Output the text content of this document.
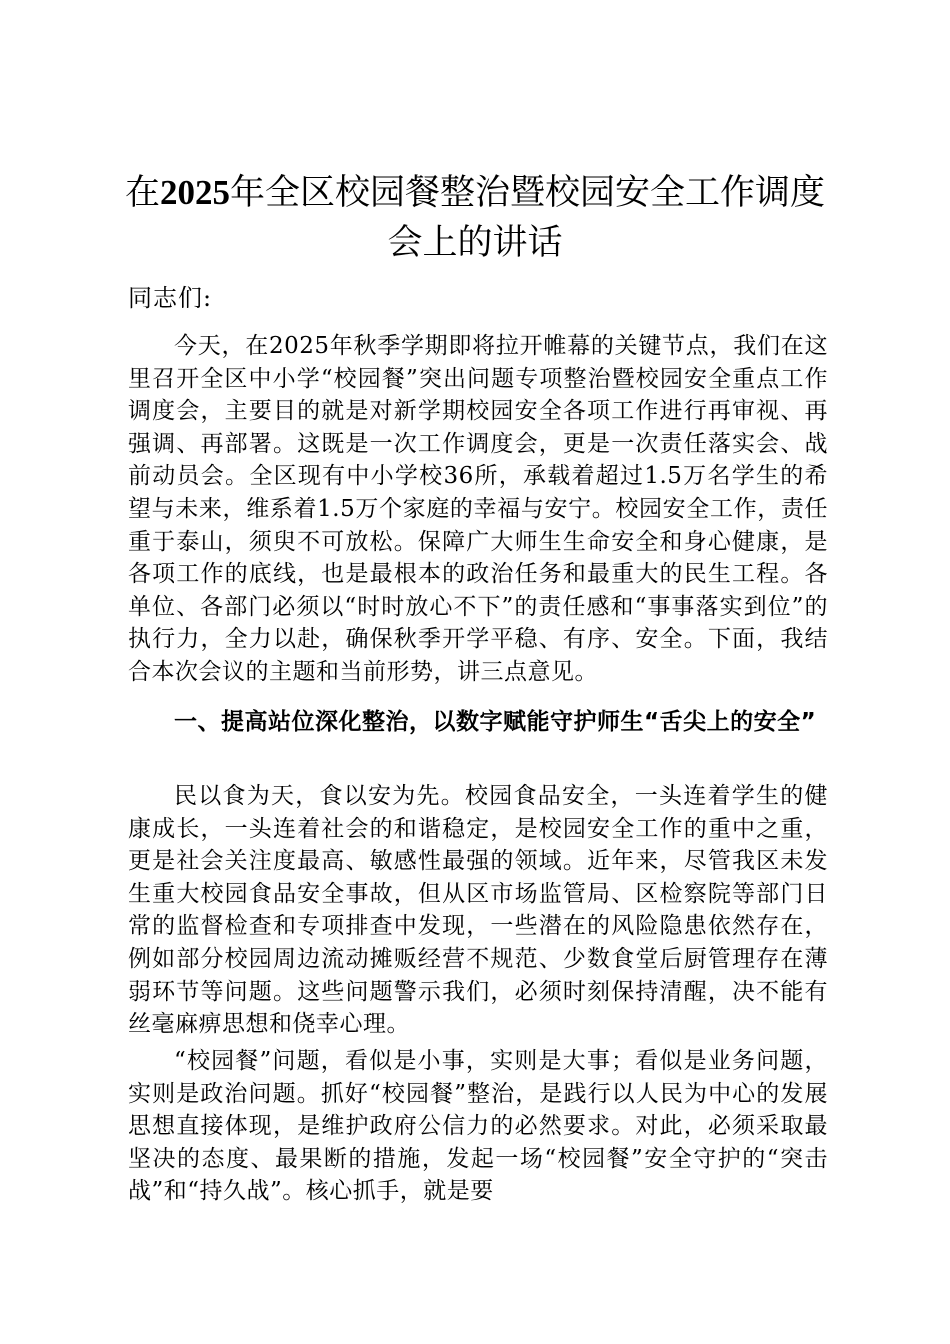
在2025年全区校园餐整治暨校园安全工作调度会上的讲话

同志们:

今天，在2025年秋季学期即将拉开帷幕的关键节点，我们在这里召开全区中小学“校园餐”突出问题专项整治暨校园安全重点工作调度会，主要目的就是对新学期校园安全各项工作进行再审视、再强调、再部署。这既是一次工作调度会，更是一次责任落实会、战前动员会。全区现有中小学校36所，承载着超过1.5万名学生的希望与未来，维系着1.5万个家庭的幸福与安宁。校园安全工作，责任重于泰山，须臾不可放松。保障广大师生生命安全和身心健康，是各项工作的底线，也是最根本的政治任务和最重大的民生工程。各单位、各部门必须以“时时放心不下”的责任感和“事事落实到位”的执行力，全力以赴，确保秋季开学平稳、有序、安全。下面，我结合本次会议的主题和当前形势，讲三点意见。

一、提高站位深化整治，以数字赋能守护师生“舌尖上的安全”

民以食为天，食以安为先。校园食品安全，一头连着学生的健康成长，一头连着社会的和谐稳定，是校园安全工作的重中之重，更是社会关注度最高、敏感性最强的领域。近年来，尽管我区未发生重大校园食品安全事故，但从区市场监管局、区检察院等部门日常的监督检查和专项排查中发现，一些潜在的风险隐患依然存在，例如部分校园周边流动摊贩经营不规范、少数食堂后厨管理存在薄弱环节等问题。这些问题警示我们，必须时刻保持清醒，决不能有丝毫麻痹思想和侥幸心理。

“校园餐”问题，看似是小事，实则是大事；看似是业务问题，实则是政治问题。抓好“校园餐”整治，是践行以人民为中心的发展思想直接体现，是维护政府公信力的必然要求。对此，必须采取最坚决的态度、最果断的措施，发起一场“校园餐”安全守护的“突击战”和“持久战”。核心抓手，就是要
